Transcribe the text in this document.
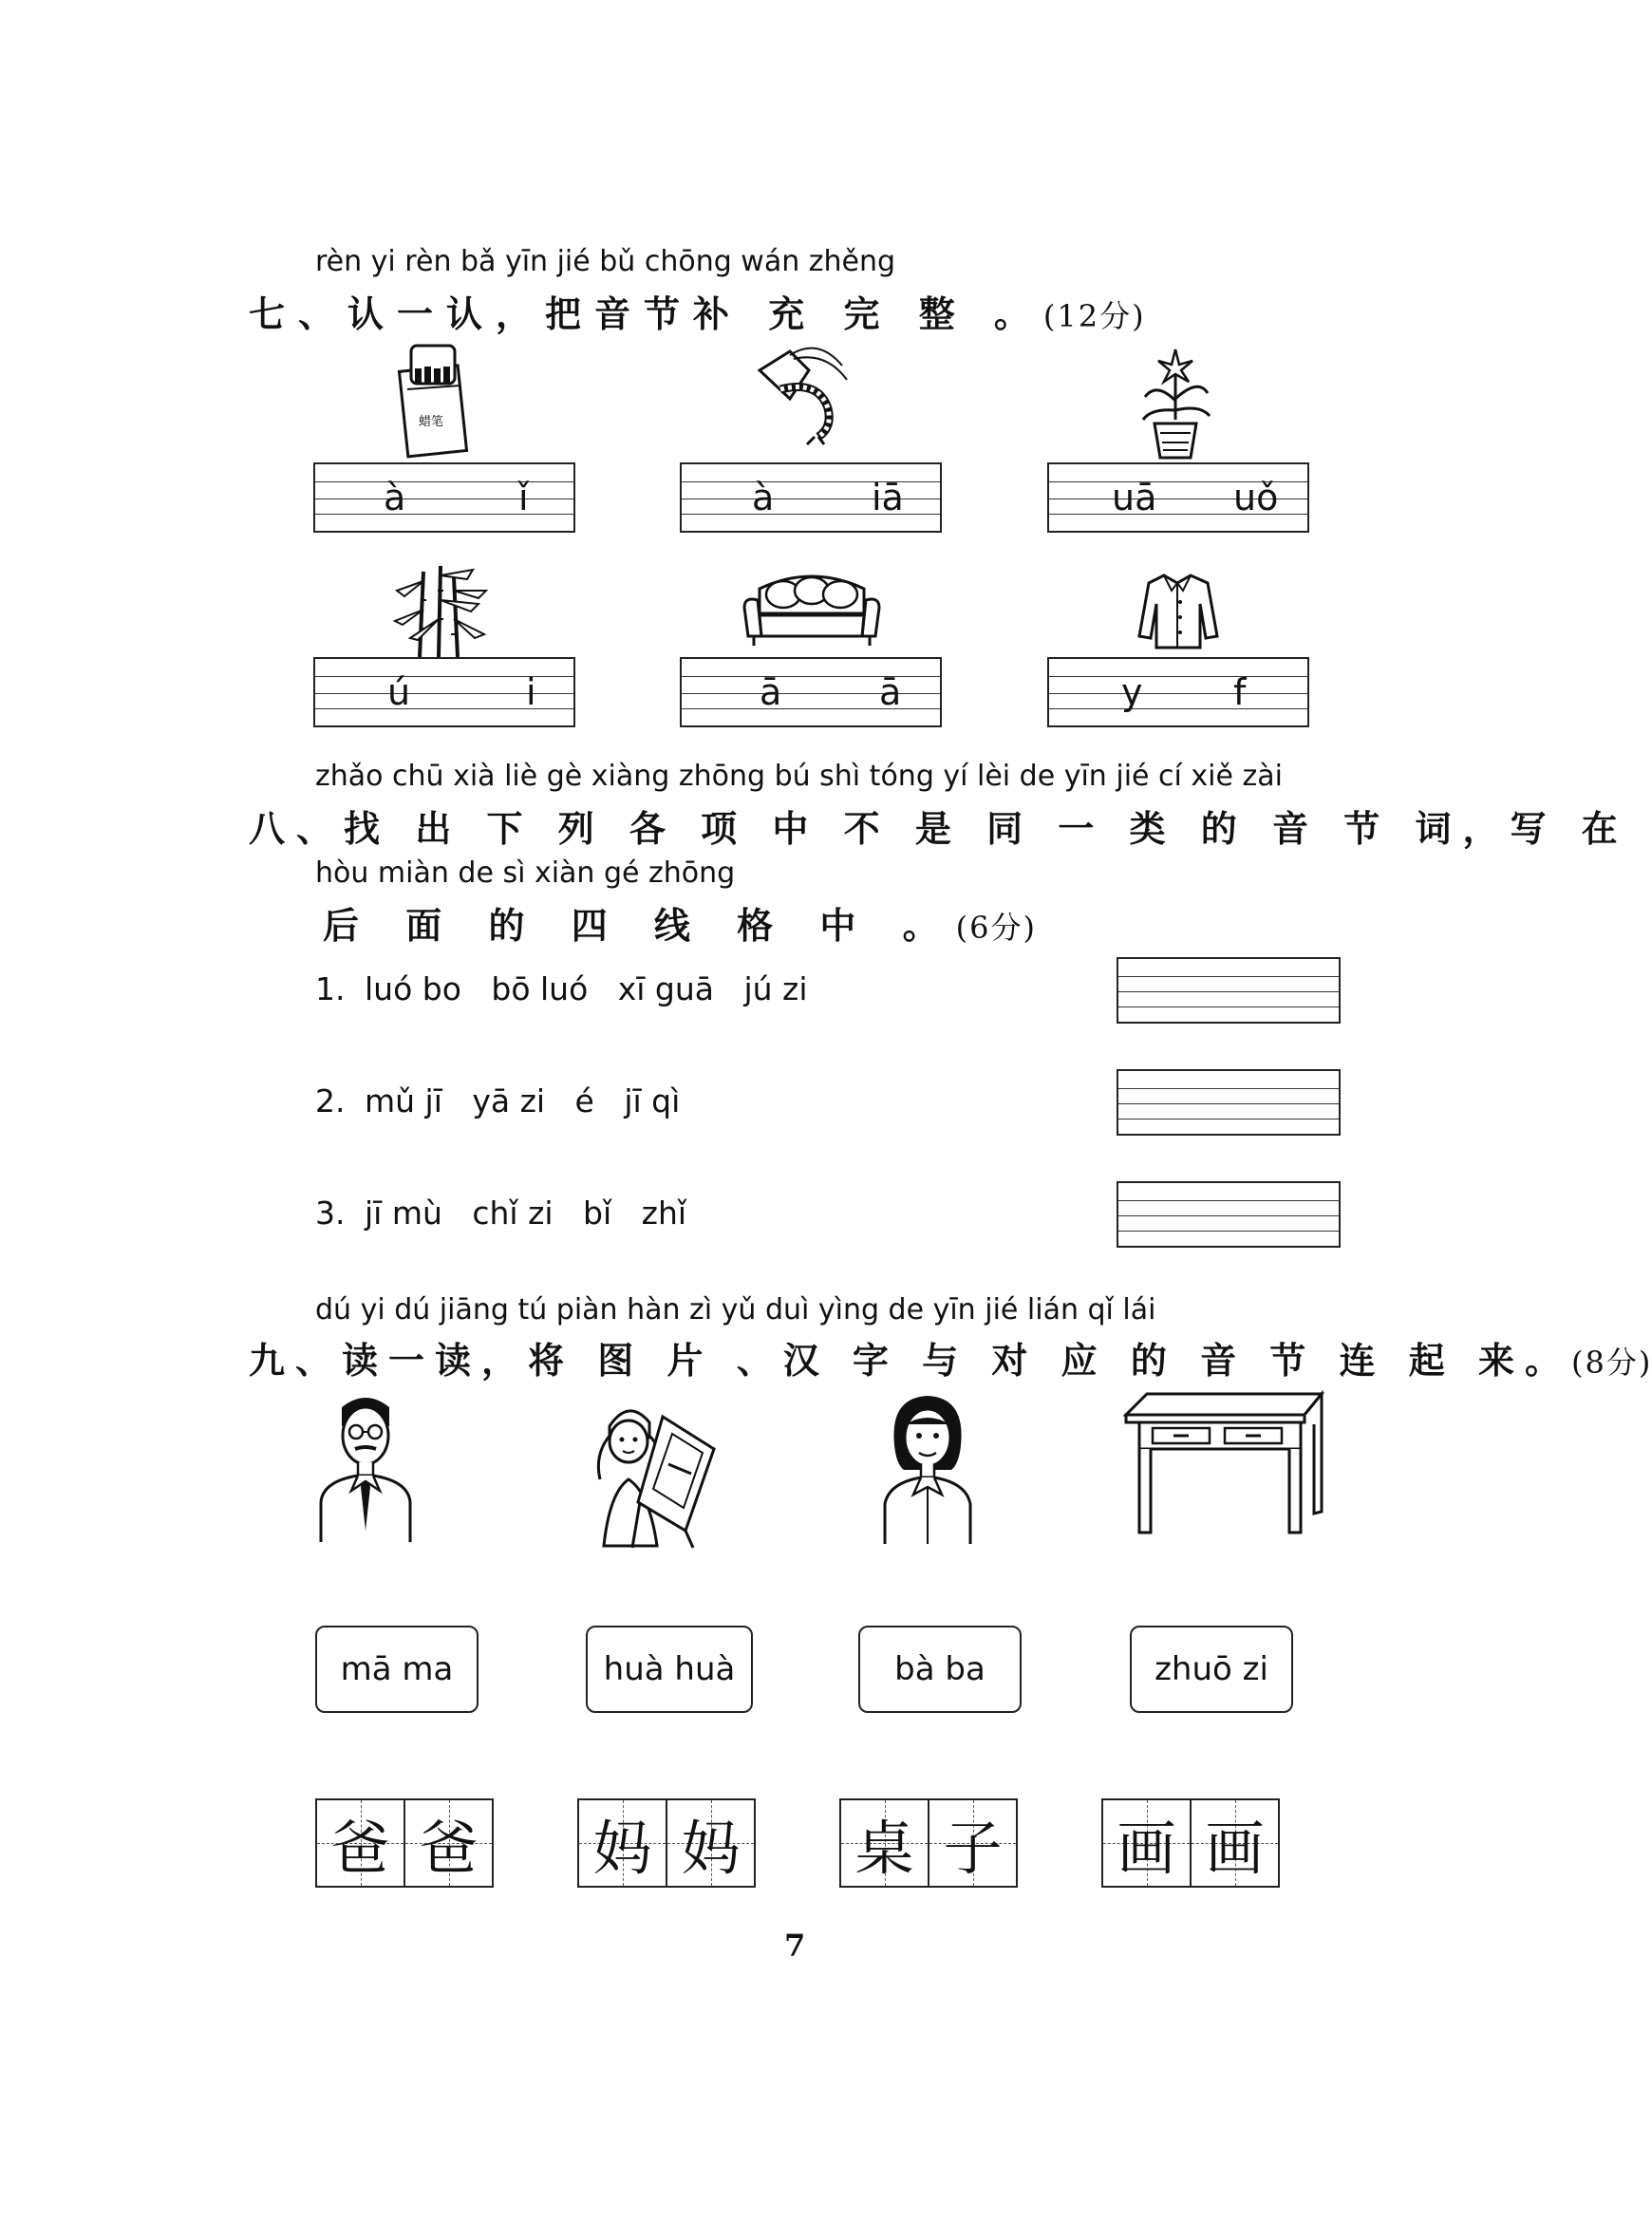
rèn yi rèn bǎ yīn jié bǔ chōng wán zhěng
七、认一认，把音节补 充 完 整 。(12分)
蜡笔
à	ǐ	à	iā	uā uǒ
ú	i	ā	ā	y	f
zhǎo chū xià liè gè xiàng zhōng bú shì tóng yí lèi de yīn jié cí xiě zài
八、找 出 下 列 各 项 中 不 是 同 一 类 的 音 节 词，写 在
hòu miàn de sì xiàn gé zhōng
后 面 的 四 线 格 中 。(6分)
1. luó bo   bō luó   xī guā   jú zi
2. mǔ jī   yā zi   é   jī qì
3. jī mù   chǐ zi   bǐ   zhǐ
dú yi dú jiāng tú piàn hàn zì yǔ duì yìng de yīn jié lián qǐ lái
九、读一读，将 图 片 、汉 字 与 对 应 的 音 节 连 起 来。(8分)
mā ma	huà huà	bà ba	zhuō zi
爸 爸 妈 妈 桌 子 画 画
7
